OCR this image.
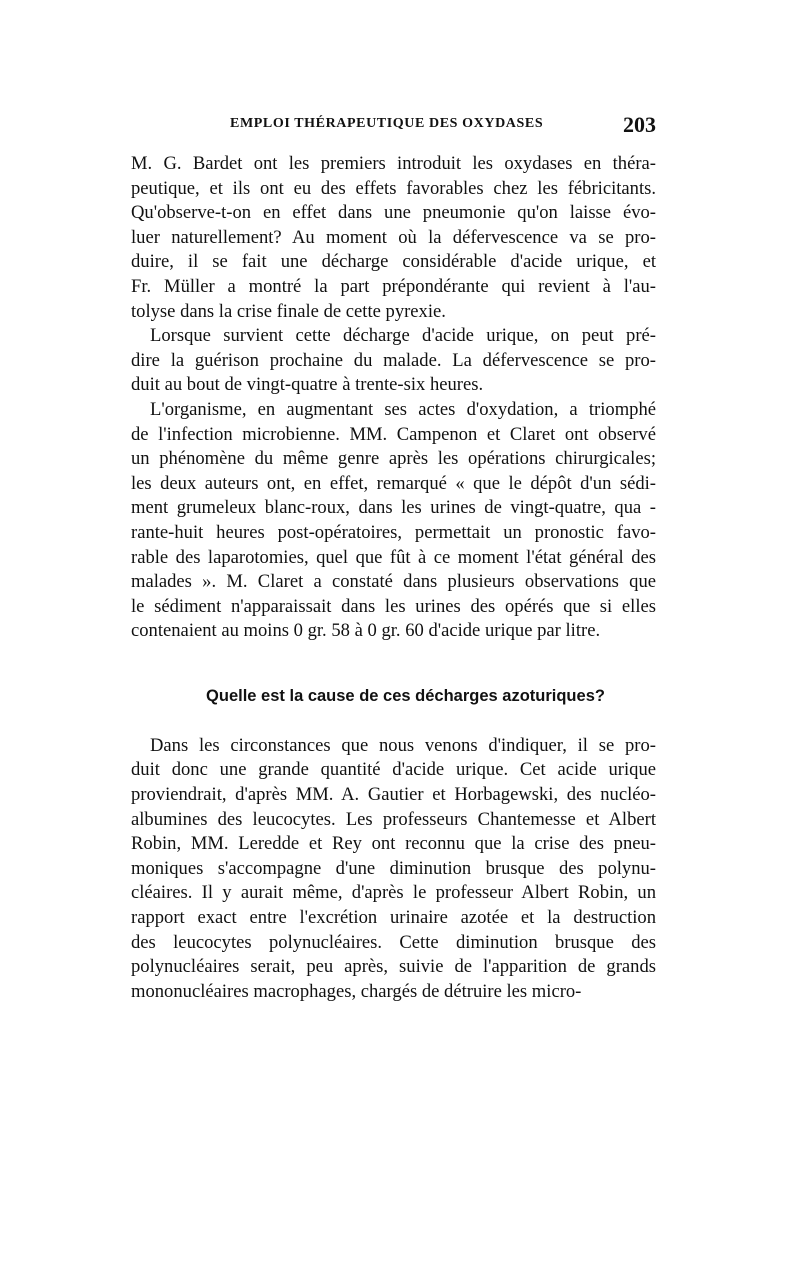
EMPLOI THÉRAPEUTIQUE DES OXYDASES	203
M. G. Bardet ont les premiers introduit les oxydases en théra-
peutique, et ils ont eu des effets favorables chez les fébricitants.
Qu'observe-t-on en effet dans une pneumonie qu'on laisse évo-
luer naturellement? Au moment où la défervescence va se pro-
duire, il se fait une décharge considérable d'acide urique, et
Fr. Müller a montré la part prépondérante qui revient à l'au-
tolyse dans la crise finale de cette pyrexie.
Lorsque survient cette décharge d'acide urique, on peut pré-
dire la guérison prochaine du malade. La défervescence se pro-
duit au bout de vingt-quatre à trente-six heures.
L'organisme, en augmentant ses actes d'oxydation, a triomphé
de l'infection microbienne. MM. Campenon et Claret ont observé
un phénomène du même genre après les opérations chirurgicales;
les deux auteurs ont, en effet, remarqué « que le dépôt d'un sédi-
ment grumeleux blanc-roux, dans les urines de vingt-quatre, qua -
rante-huit heures post-opératoires, permettait un pronostic favo-
rable des laparotomies, quel que fût à ce moment l'état général des
malades ». M. Claret a constaté dans plusieurs observations que
le sédiment n'apparaissait dans les urines des opérés que si elles
contenaient au moins 0 gr. 58 à 0 gr. 60 d'acide urique par litre.
Quelle est la cause de ces décharges azoturiques?
Dans les circonstances que nous venons d'indiquer, il se pro-
duit donc une grande quantité d'acide urique. Cet acide urique
proviendrait, d'après MM. A. Gautier et Horbagewski, des nucléo-
albumines des leucocytes. Les professeurs Chantemesse et Albert
Robin, MM. Leredde et Rey ont reconnu que la crise des pneu-
moniques s'accompagne d'une diminution brusque des polynu-
cléaires. Il y aurait même, d'après le professeur Albert Robin, un
rapport exact entre l'excrétion urinaire azotée et la destruction
des leucocytes polynucléaires. Cette diminution brusque des
polynucléaires serait, peu après, suivie de l'apparition de grands
mononucléaires macrophages, chargés de détruire les micro-
